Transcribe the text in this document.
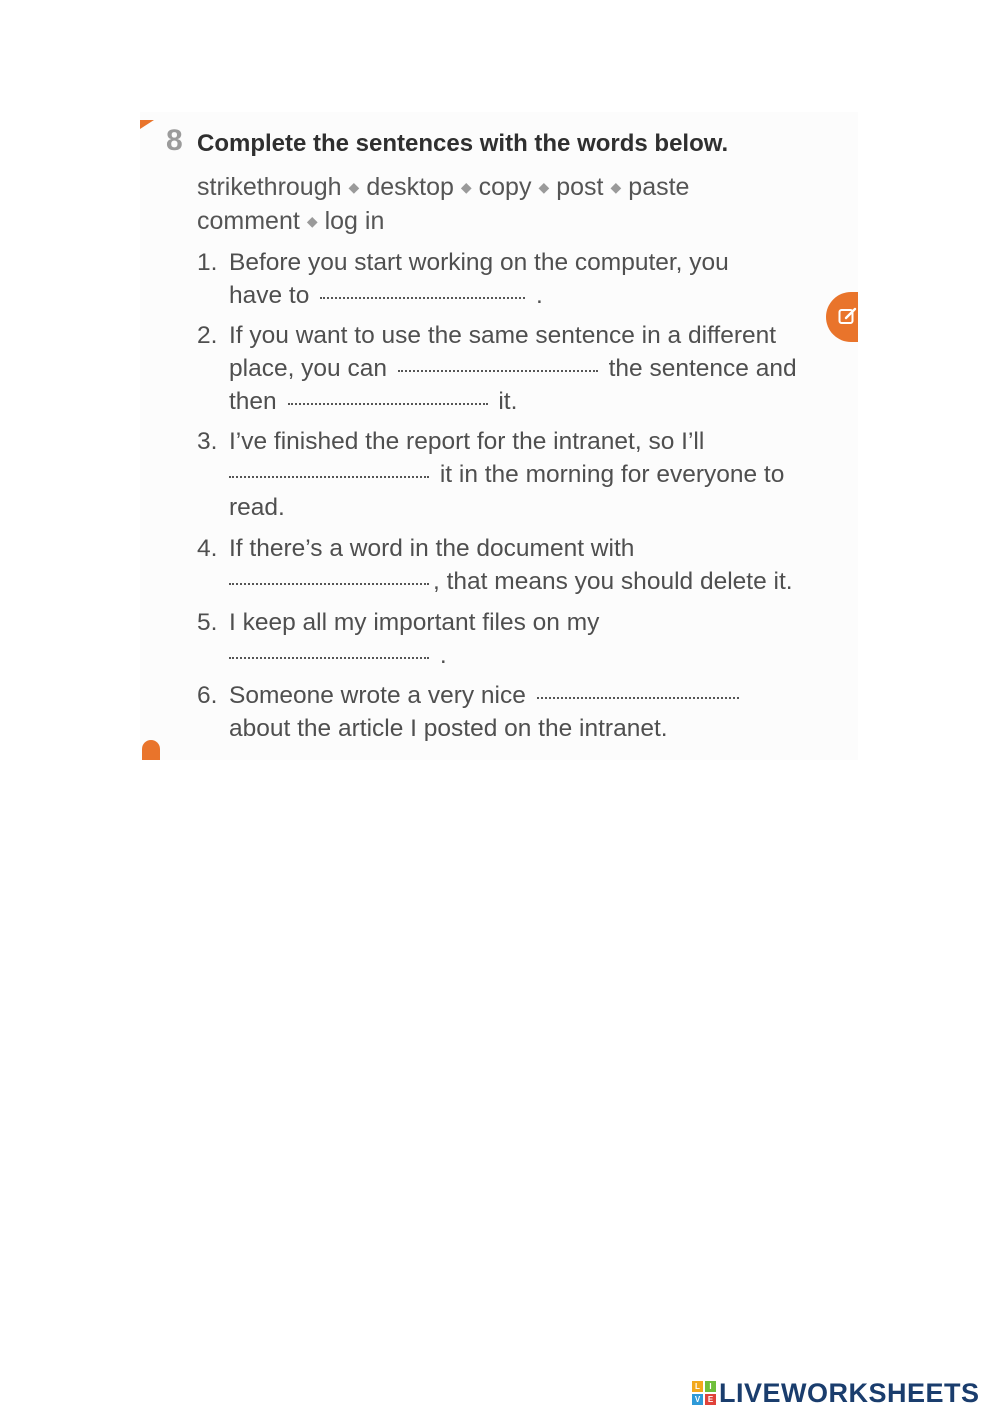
8 Complete the sentences with the words below.
strikethrough ◆ desktop ◆ copy ◆ post ◆ paste
comment ◆ log in
1. Before you start working on the computer, you
have to	.
2. If you want to use the same sentence in a different
place, you can	the sentence and
then	it.
3. I’ve finished the report for the intranet, so I’ll
it in the morning for everyone to
read.
4. If there’s a word in the document with
, that means you should delete it.
5. I keep all my important files on my
.
6. Someone wrote a very nice
about the article I posted on the intranet.
L	I
V E LIVEWORKSHEETS
